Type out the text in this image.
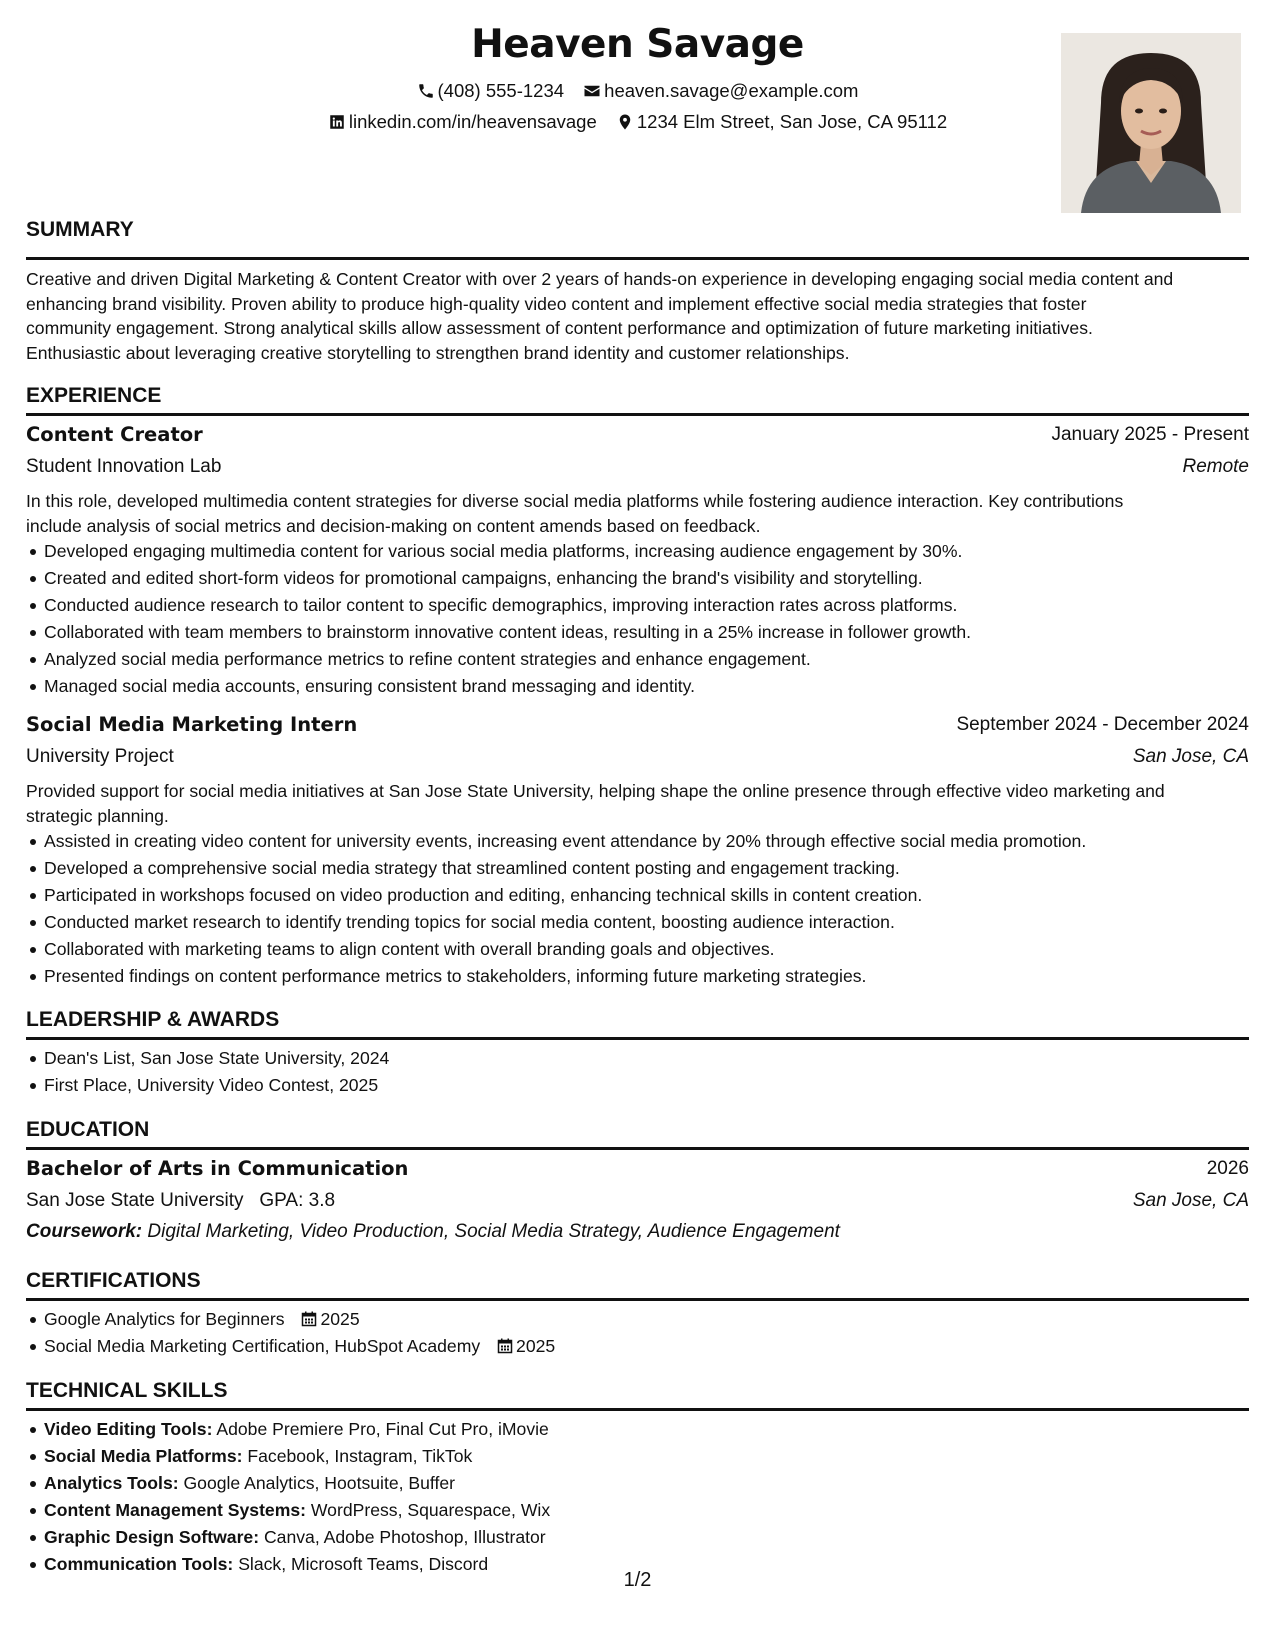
Heaven Savage
(408) 555-1234
heaven.savage@example.com
linkedin.com/in/heavensavage
1234 Elm Street, San Jose, CA 95112
SUMMARY
Creative and driven Digital Marketing & Content Creator with over 2 years of hands-on experience in developing engaging social media content and
enhancing brand visibility. Proven ability to produce high-quality video content and implement effective social media strategies that foster
community engagement. Strong analytical skills allow assessment of content performance and optimization of future marketing initiatives.
Enthusiastic about leveraging creative storytelling to strengthen brand identity and customer relationships.
EXPERIENCE
Content Creator	January 2025 - Present
Student Innovation Lab	Remote
In this role, developed multimedia content strategies for diverse social media platforms while fostering audience interaction. Key contributions
include analysis of social metrics and decision-making on content amends based on feedback.
Developed engaging multimedia content for various social media platforms, increasing audience engagement by 30%.
Created and edited short-form videos for promotional campaigns, enhancing the brand's visibility and storytelling.
Conducted audience research to tailor content to specific demographics, improving interaction rates across platforms.
Collaborated with team members to brainstorm innovative content ideas, resulting in a 25% increase in follower growth.
Analyzed social media performance metrics to refine content strategies and enhance engagement.
Managed social media accounts, ensuring consistent brand messaging and identity.
Social Media Marketing Intern	September 2024 - December 2024
University Project	San Jose, CA
Provided support for social media initiatives at San Jose State University, helping shape the online presence through effective video marketing and
strategic planning.
Assisted in creating video content for university events, increasing event attendance by 20% through effective social media promotion.
Developed a comprehensive social media strategy that streamlined content posting and engagement tracking.
Participated in workshops focused on video production and editing, enhancing technical skills in content creation.
Conducted market research to identify trending topics for social media content, boosting audience interaction.
Collaborated with marketing teams to align content with overall branding goals and objectives.
Presented findings on content performance metrics to stakeholders, informing future marketing strategies.
LEADERSHIP & AWARDS
Dean's List, San Jose State University, 2024
First Place, University Video Contest, 2025
EDUCATION
Bachelor of Arts in Communication	2026
San Jose State University GPA: 3.8	San Jose, CA
Coursework: Digital Marketing, Video Production, Social Media Strategy, Audience Engagement
CERTIFICATIONS
Google Analytics for Beginners 2025
Social Media Marketing Certification, HubSpot Academy 2025
TECHNICAL SKILLS
Video Editing Tools: Adobe Premiere Pro, Final Cut Pro, iMovie
Social Media Platforms: Facebook, Instagram, TikTok
Analytics Tools: Google Analytics, Hootsuite, Buffer
Content Management Systems: WordPress, Squarespace, Wix
Graphic Design Software: Canva, Adobe Photoshop, Illustrator
Communication Tools: Slack, Microsoft Teams, Discord
1/2
